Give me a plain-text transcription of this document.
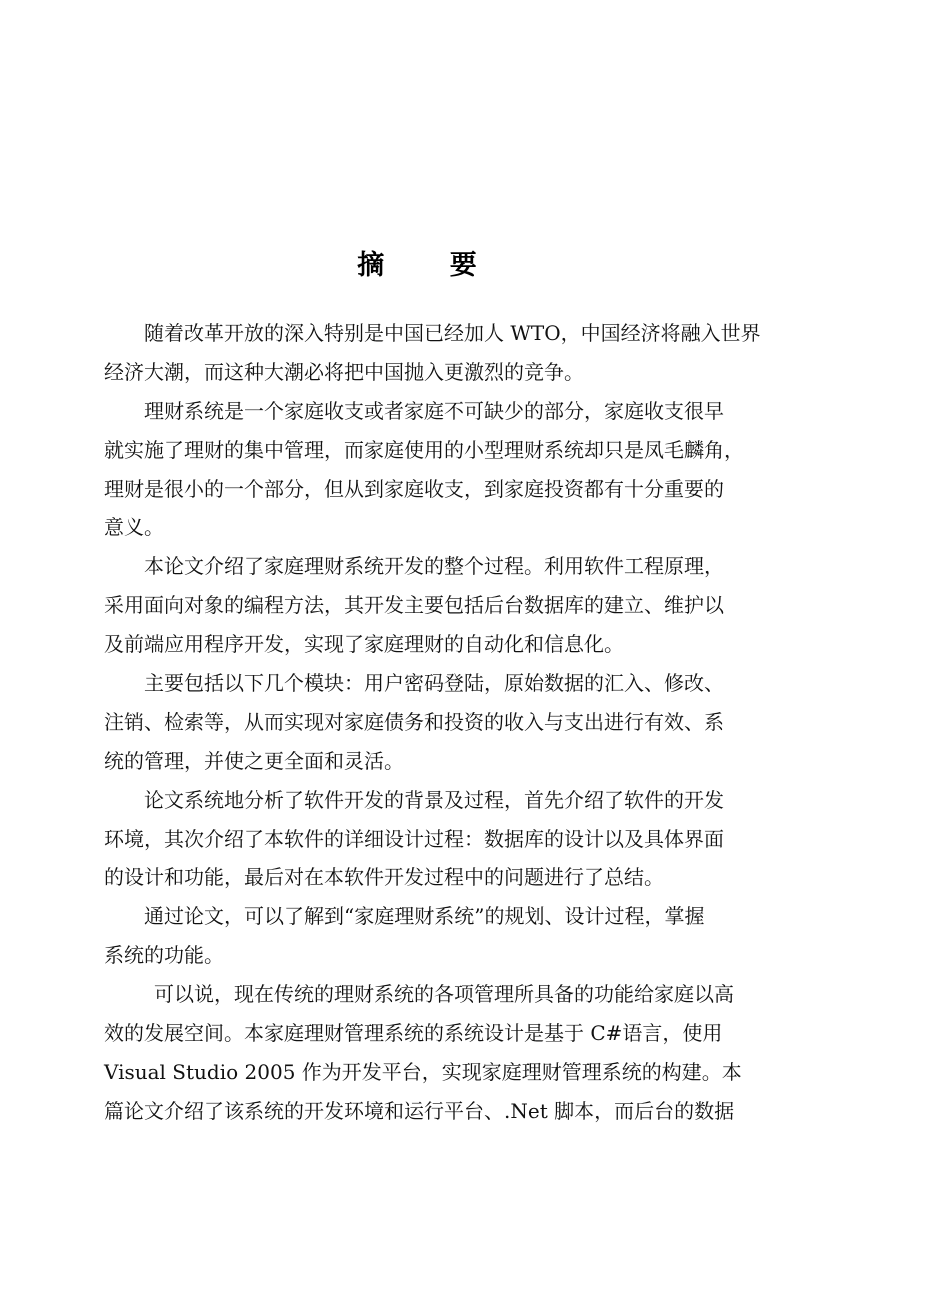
摘 要
随着改革开放的深入特别是中国已经加人 WTO，中国经济将融入世界
经济大潮，而这种大潮必将把中国抛入更激烈的竞争。
理财系统是一个家庭收支或者家庭不可缺少的部分，家庭收支很早
就实施了理财的集中管理，而家庭使用的小型理财系统却只是凤毛麟角，
理财是很小的一个部分，但从到家庭收支，到家庭投资都有十分重要的
意义。
本论文介绍了家庭理财系统开发的整个过程。利用软件工程原理，
采用面向对象的编程方法，其开发主要包括后台数据库的建立、维护以
及前端应用程序开发，实现了家庭理财的自动化和信息化。
主要包括以下几个模块：用户密码登陆，原始数据的汇入、修改、
注销、检索等，从而实现对家庭债务和投资的收入与支出进行有效、系
统的管理，并使之更全面和灵活。
论文系统地分析了软件开发的背景及过程，首先介绍了软件的开发
环境，其次介绍了本软件的详细设计过程：数据库的设计以及具体界面
的设计和功能，最后对在本软件开发过程中的问题进行了总结。
通过论文，可以了解到“家庭理财系统”的规划、设计过程，掌握
系统的功能。
可以说，现在传统的理财系统的各项管理所具备的功能给家庭以高
效的发展空间。本家庭理财管理系统的系统设计是基于 C#语言，使用
Visual Studio 2005 作为开发平台，实现家庭理财管理系统的构建。本
篇论文介绍了该系统的开发环境和运行平台、.Net 脚本，而后台的数据
